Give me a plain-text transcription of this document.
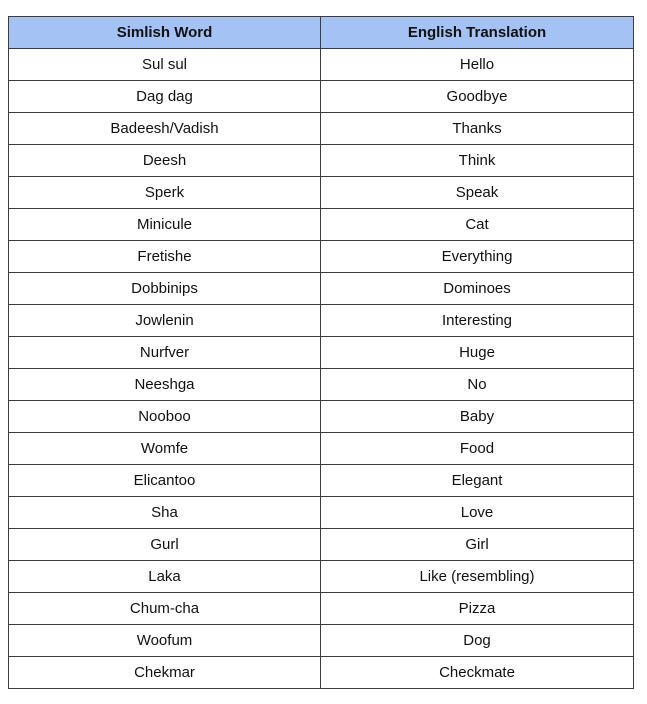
Simlish Word	English Translation
Sul sul	Hello
Dag dag	Goodbye
Badeesh/Vadish	Thanks
Deesh	Think
Sperk	Speak
Minicule	Cat
Fretishe	Everything
Dobbinips	Dominoes
Jowlenin	Interesting
Nurfver	Huge
Neeshga	No
Nooboo	Baby
Womfe	Food
Elicantoo	Elegant
Sha	Love
Gurl	Girl
Laka	Like (resembling)
Chum-cha	Pizza
Woofum	Dog
Chekmar	Checkmate
